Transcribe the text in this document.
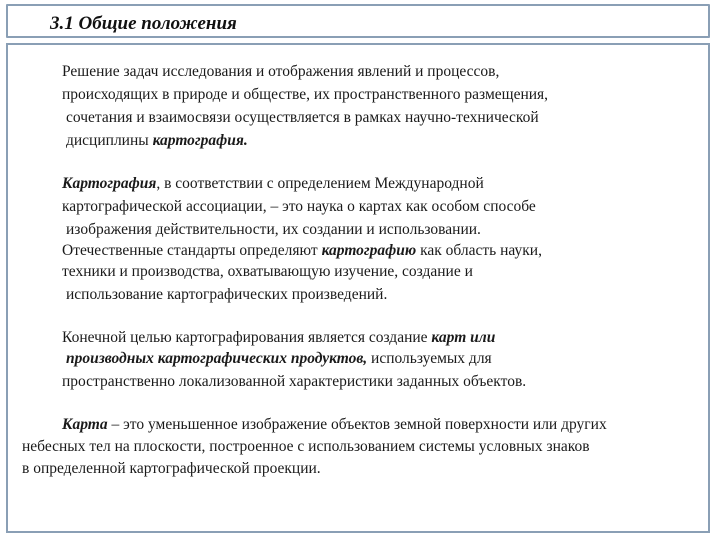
3.1 Общие положения
Решение задач исследования и отображения явлений и процессов,
происходящих в природе и обществе, их пространственного размещения,
сочетания и взаимосвязи осуществляется в рамках научно-технической
дисциплины картография.
Картография, в соответствии с определением Международной
картографической ассоциации, – это наука о картах как особом способе
изображения действительности, их создании и использовании.
Отечественные стандарты определяют картографию как область науки,
техники и производства, охватывающую изучение, создание и
использование картографических произведений.
Конечной целью картографирования является создание карт или
производных картографических продуктов, используемых для
пространственно локализованной характеристики заданных объектов.
Карта – это уменьшенное изображение объектов земной поверхности или других
небесных тел на плоскости, построенное с использованием системы условных знаков
в определенной картографической проекции.
